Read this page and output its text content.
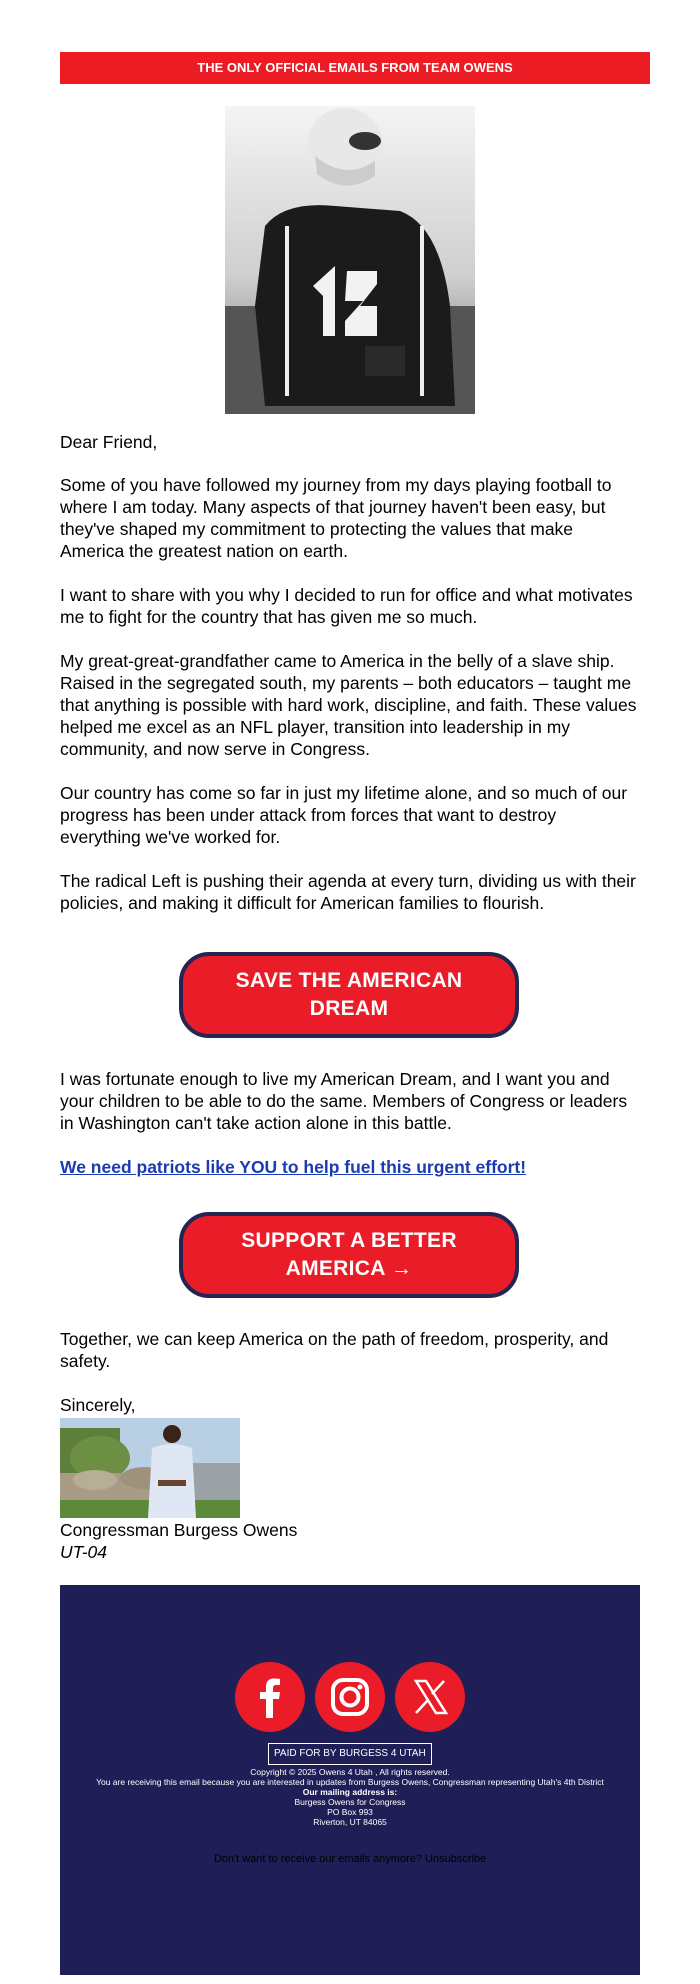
THE ONLY OFFICIAL EMAILS FROM TEAM OWENS

Dear Friend,

Some of you have followed my journey from my days playing football to where I am today. Many aspects of that journey haven't been easy, but they've shaped my commitment to protecting the values that make America the greatest nation on earth.

I want to share with you why I decided to run for office and what motivates me to fight for the country that has given me so much.

My great-great-grandfather came to America in the belly of a slave ship. Raised in the segregated south, my parents – both educators – taught me that anything is possible with hard work, discipline, and faith. These values helped me excel as an NFL player, transition into leadership in my community, and now serve in Congress.

Our country has come so far in just my lifetime alone, and so much of our progress has been under attack from forces that want to destroy everything we've worked for.

The radical Left is pushing their agenda at every turn, dividing us with their policies, and making it difficult for American families to flourish.

SAVE THE AMERICAN DREAM

I was fortunate enough to live my American Dream, and I want you and your children to be able to do the same. Members of Congress or leaders in Washington can't take action alone in this battle.

We need patriots like YOU to help fuel this urgent effort!
SUPPORT A BETTER AMERICA →

Together, we can keep America on the path of freedom, prosperity, and safety.

Sincerely,

Congressman Burgess Owens
UT-04
PAID FOR BY BURGESS 4 UTAH
Copyright © 2025 Owens 4 Utah , All rights reserved.
You are receiving this email because you are interested in updates from Burgess Owens, Congressman representing Utah's 4th District
Our mailing address is:
Burgess Owens for Congress
PO Box 993
Riverton, UT 84065
Don't want to receive our emails anymore? Unsubscribe
